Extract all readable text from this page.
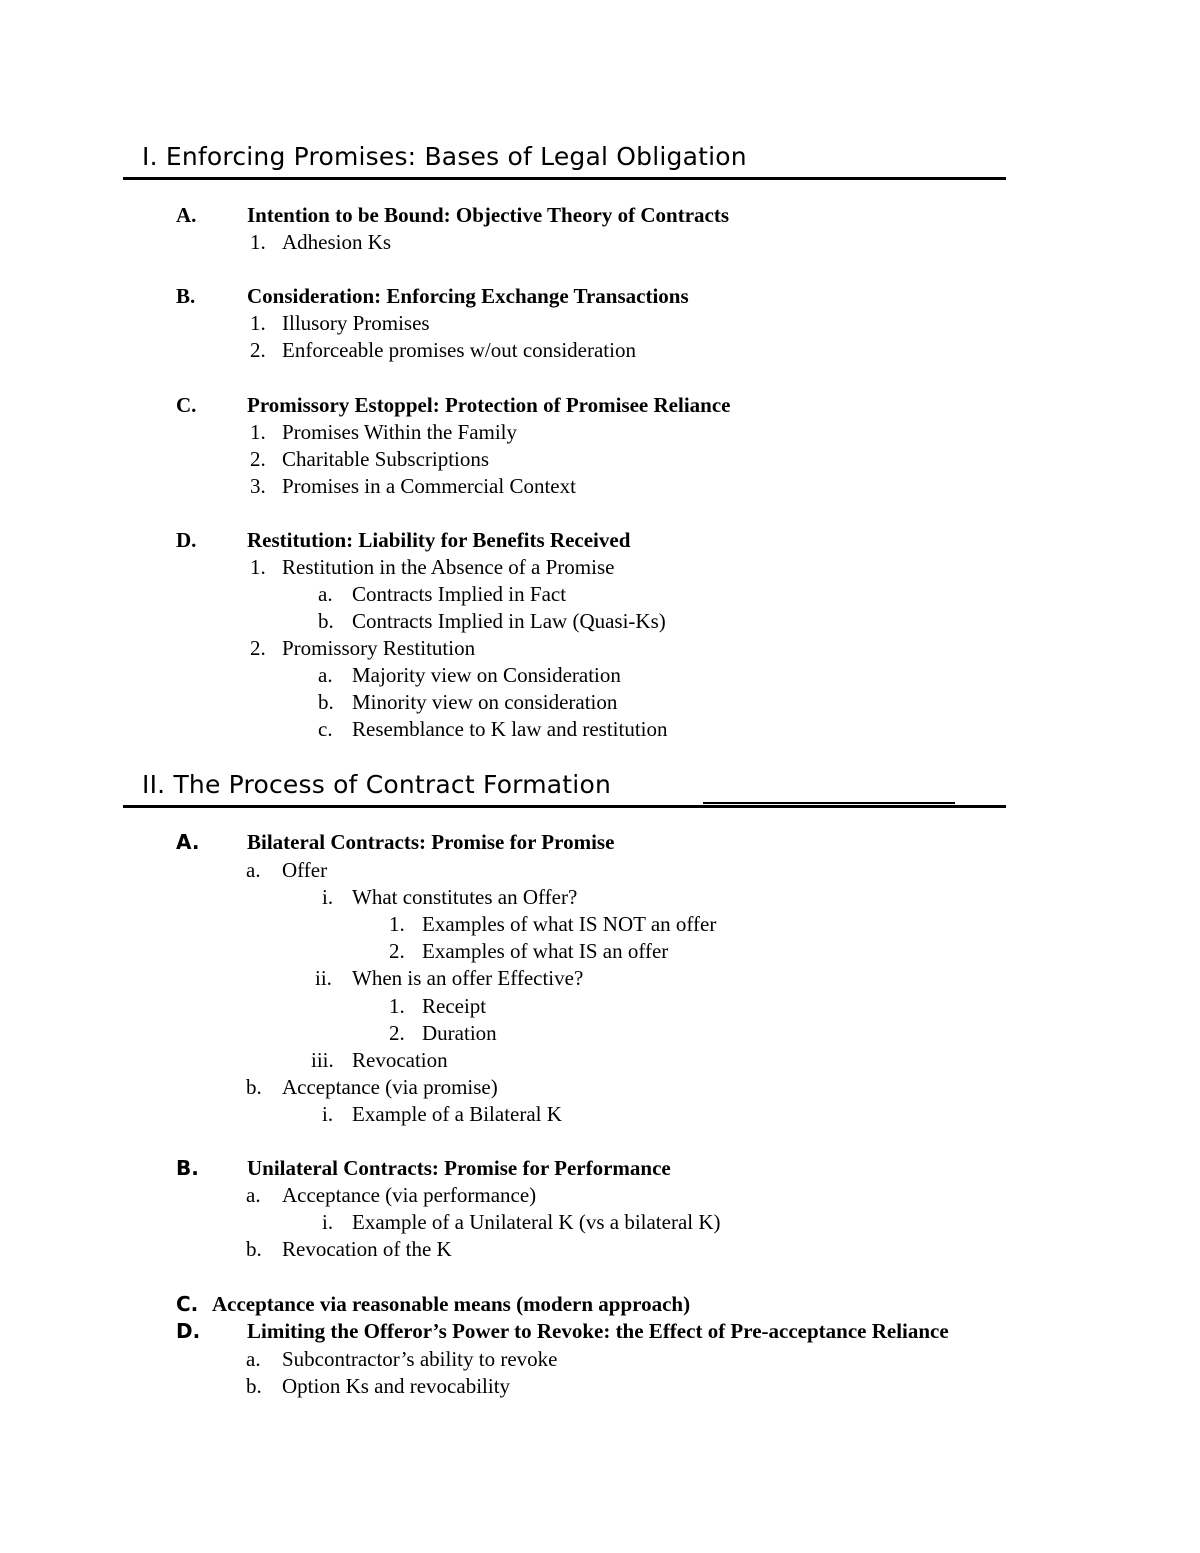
I. Enforcing Promises: Bases of Legal Obligation
A. Intention to be Bound: Objective Theory of Contracts
1. Adhesion Ks
B. Consideration: Enforcing Exchange Transactions
1. Illusory Promises
2. Enforceable promises w/out consideration
C. Promissory Estoppel: Protection of Promisee Reliance
1. Promises Within the Family
2. Charitable Subscriptions
3. Promises in a Commercial Context
D. Restitution: Liability for Benefits Received
1. Restitution in the Absence of a Promise
a. Contracts Implied in Fact
b. Contracts Implied in Law (Quasi-Ks)
2. Promissory Restitution
a. Majority view on Consideration
b. Minority view on consideration
c. Resemblance to K law and restitution
II. The Process of Contract Formation
A. Bilateral Contracts: Promise for Promise
a. Offer
i. What constitutes an Offer?
1. Examples of what IS NOT an offer
2. Examples of what IS an offer
ii. When is an offer Effective?
1. Receipt
2. Duration
iii. Revocation
b. Acceptance (via promise)
i. Example of a Bilateral K
B. Unilateral Contracts: Promise for Performance
a. Acceptance (via performance)
i. Example of a Unilateral K (vs a bilateral K)
b. Revocation of the K
C. Acceptance via reasonable means (modern approach)
D. Limiting the Offeror’s Power to Revoke: the Effect of Pre-acceptance Reliance
a. Subcontractor’s ability to revoke
b. Option Ks and revocability
